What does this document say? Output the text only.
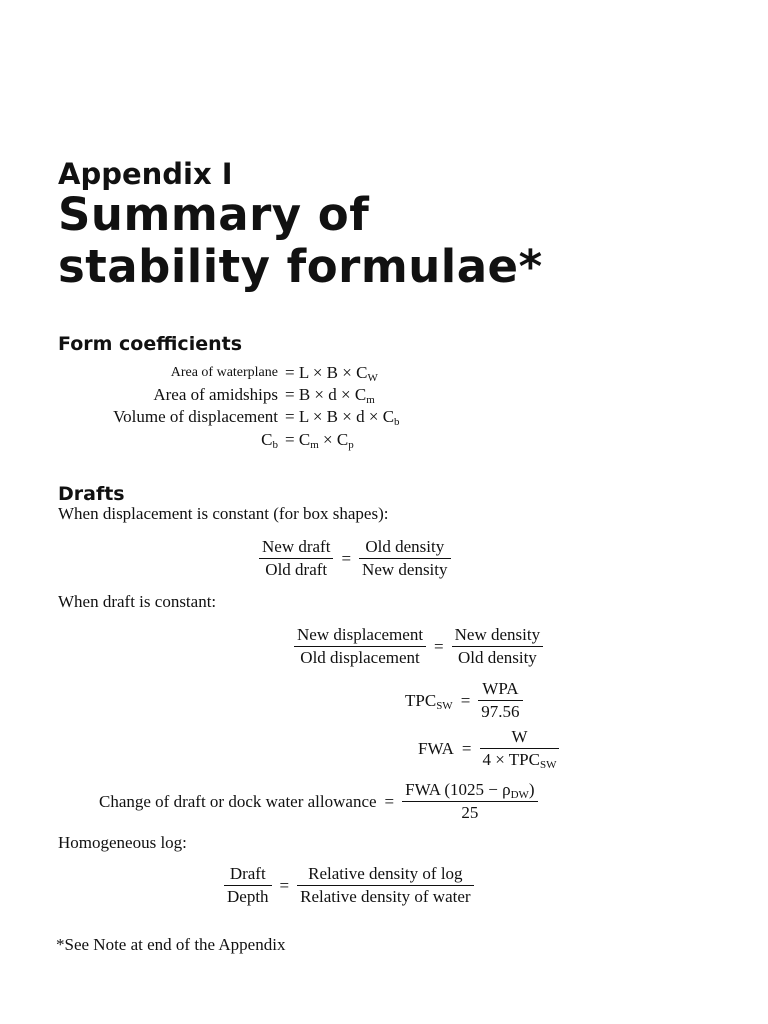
Appendix I
Summary of
stability formulae*
Form coefficients
Area of waterplane = $L \times B \times C_W$
Area of amidships = $B \times d \times C_m$
Volume of displacement = $L \times B \times d \times C_b$
$C_b = C_m \times C_p$
Drafts
When displacement is constant (for box shapes):
$\frac{\text{New draft}}{\text{Old draft}} = \frac{\text{Old density}}{\text{New density}}$
When draft is constant:
$\frac{\text{New displacement}}{\text{Old displacement}} = \frac{\text{New density}}{\text{Old density}}$
$TPC_{SW} = \frac{\text{WPA}}{97.56}$
FWA = $\frac{W}{4 \times TPC_{SW}}$
Change of draft or dock water allowance = $\frac{FWA (1025 - \rho_{DW})}{25}$
Homogeneous log:
$\frac{\text{Draft}}{\text{Depth}} = \frac{\text{Relative density of log}}{\text{Relative density of water}}$
*See Note at end of the Appendix
